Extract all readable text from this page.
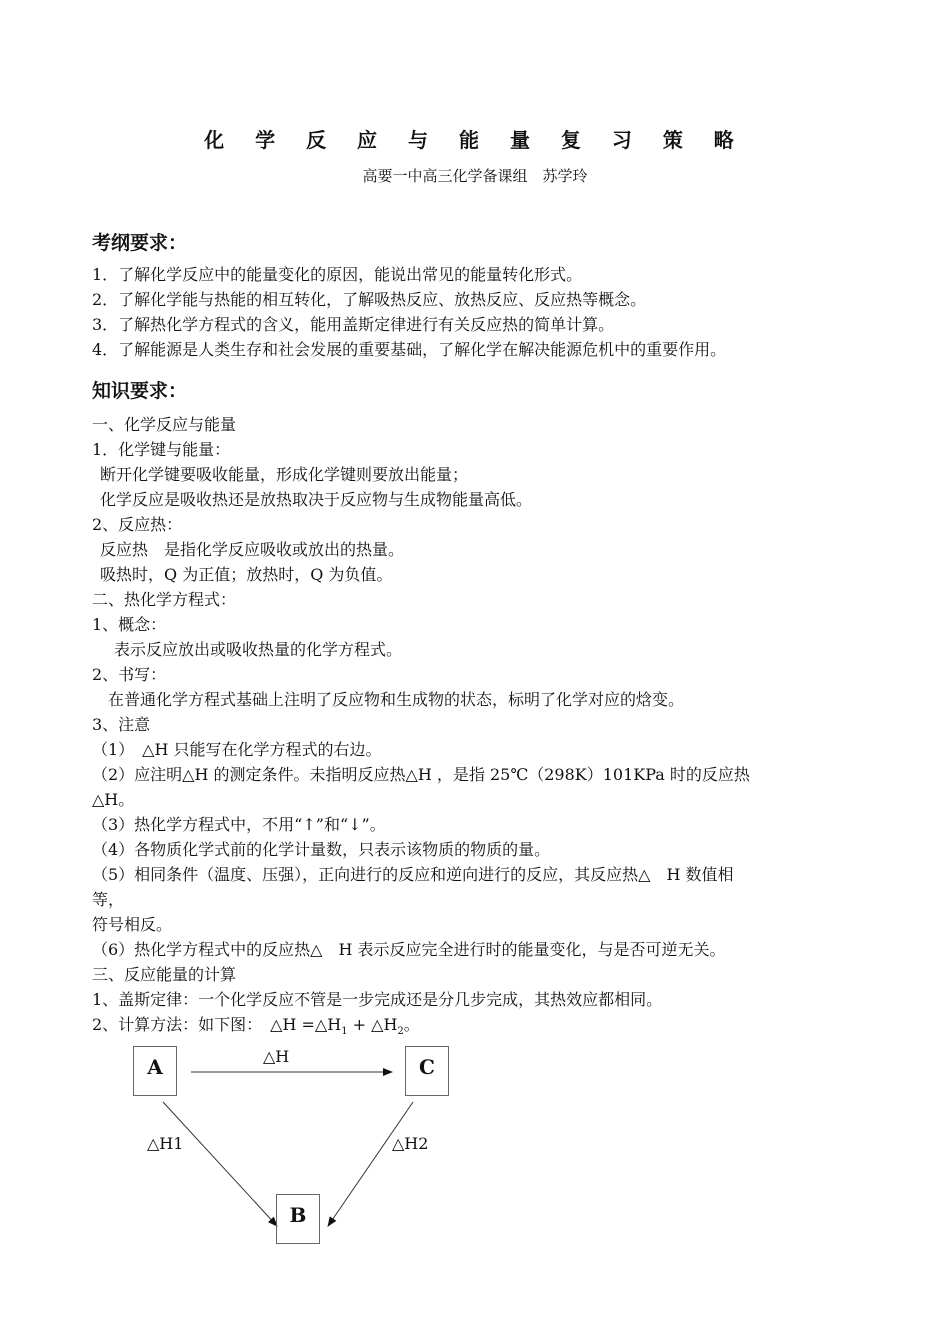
化 学 反 应 与 能 量 复 习 策 略
高要一中高三化学备课组　苏学玲
考纲要求：
1．了解化学反应中的能量变化的原因，能说出常见的能量转化形式。
2．了解化学能与热能的相互转化，了解吸热反应、放热反应、反应热等概念。
3．了解热化学方程式的含义，能用盖斯定律进行有关反应热的简单计算。
4．了解能源是人类生存和社会发展的重要基础，了解化学在解决能源危机中的重要作用。
知识要求：
一、化学反应与能量
1．化学键与能量：
断开化学键要吸收能量，形成化学键则要放出能量；
化学反应是吸收热还是放热取决于反应物与生成物能量高低。
2、反应热：
反应热　是指化学反应吸收或放出的热量。
吸热时，Q 为正值；放热时，Q 为负值。
二、热化学方程式：
1、概念：
表示反应放出或吸收热量的化学方程式。
2、书写：
在普通化学方程式基础上注明了反应物和生成物的状态，标明了化学对应的焓变。
3、注意
（1）　△H 只能写在化学方程式的右边。
（2）应注明△H 的测定条件。未指明反应热△H ，是指 25℃（298K）101KPa 时的反应热
△H。
（3）热化学方程式中，不用“↑”和“↓”。
（4）各物质化学式前的化学计量数，只表示该物质的物质的量。
（5）相同条件（温度、压强），正向进行的反应和逆向进行的反应，其反应热△　H 数值相
等，
符号相反。
（6）热化学方程式中的反应热△　H 表示反应完全进行时的能量变化，与是否可逆无关。
三、反应能量的计算
1、盖斯定律：一个化学反应不管是一步完成还是分几步完成，其热效应都相同。
2、计算方法：如下图：　△H $=\triangle H_1$ + $\triangle H_2$。
A	C
B
△H
△H1	△H2
